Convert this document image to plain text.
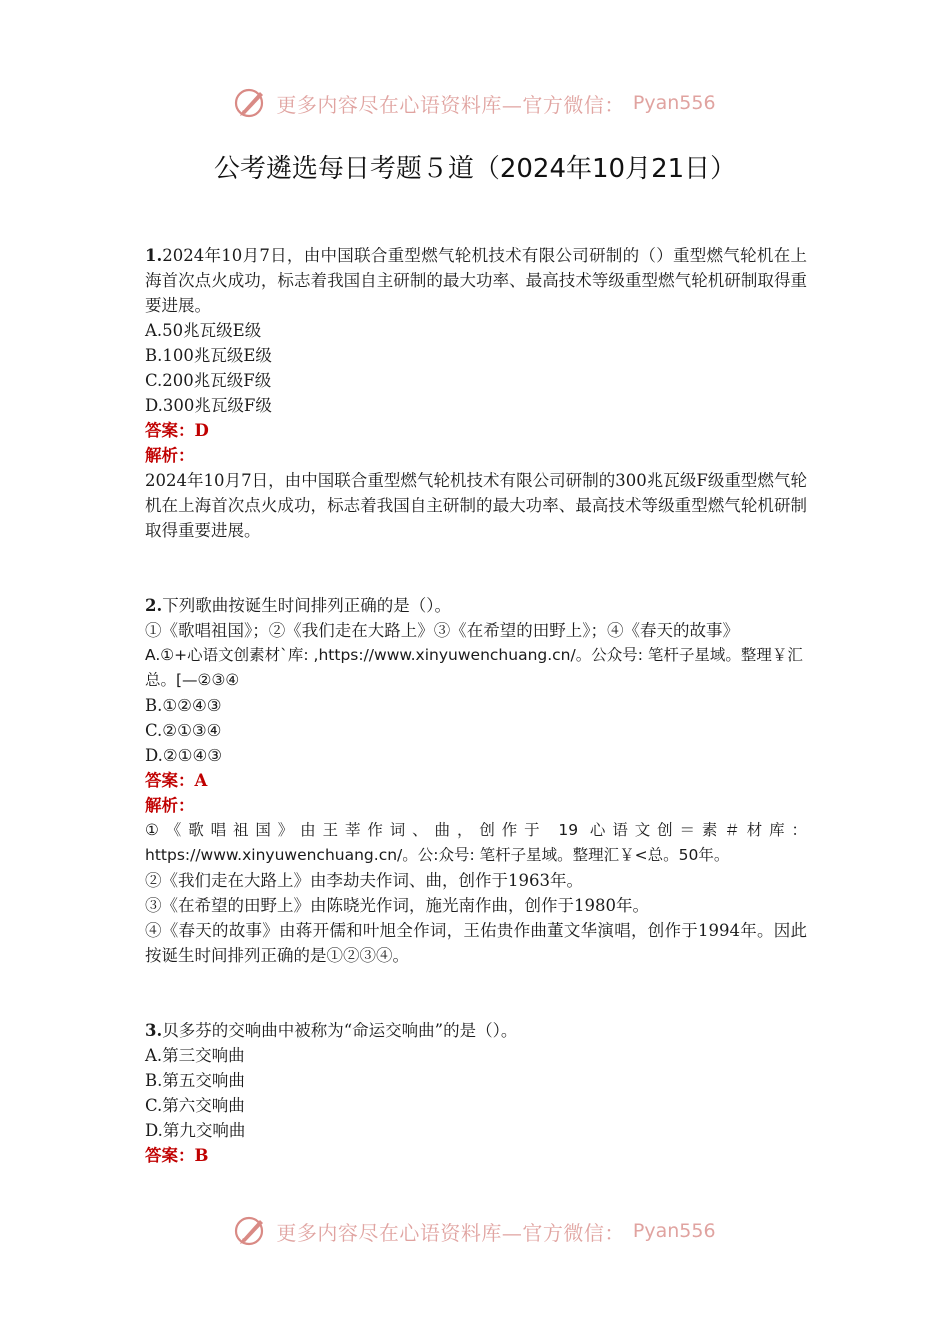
更多内容尽在心语资料库—官方微信： Pyan556
公考遴选每日考题５道（2024年10月21日）
1.2024年10月7日，由中国联合重型燃气轮机技术有限公司研制的（）重型燃气轮机在上海首次点火成功，标志着我国自主研制的最大功率、最高技术等级重型燃气轮机研制取得重要进展。
A.50兆瓦级E级
B.100兆瓦级E级
C.200兆瓦级F级
D.300兆瓦级F级
答案：D
解析：
2024年10月7日，由中国联合重型燃气轮机技术有限公司研制的300兆瓦级F级重型燃气轮机在上海首次点火成功，标志着我国自主研制的最大功率、最高技术等级重型燃气轮机研制取得重要进展。
2.下列歌曲按诞生时间排列正确的是（）。
①《歌唱祖国》；②《我们走在大路上》③《在希望的田野上》；④《春天的故事》
A.①+心语文创素材`库: ,https://www.xinyuwenchuang.cn/。公众号: 笔杆子星域。整理￥汇总。[—②③④
B.①②④③
C.②①③④
D.②①④③
答案：A
解析：
①《歌唱祖国》由王莘作词、曲，创作于 19 心语文创＝素＃材库： https://www.xinyuwenchuang.cn/。公:众号: 笔杆子星域。整理汇￥<总。50年。
②《我们走在大路上》由李劫夫作词、曲，创作于1963年。
③《在希望的田野上》由陈晓光作词，施光南作曲，创作于1980年。
④《春天的故事》由蒋开儒和叶旭全作词，王佑贵作曲董文华演唱，创作于1994年。因此按诞生时间排列正确的是①②③④。
3.贝多芬的交响曲中被称为“命运交响曲”的是（）。
A.第三交响曲
B.第五交响曲
C.第六交响曲
D.第九交响曲
答案：B
更多内容尽在心语资料库—官方微信： Pyan556
